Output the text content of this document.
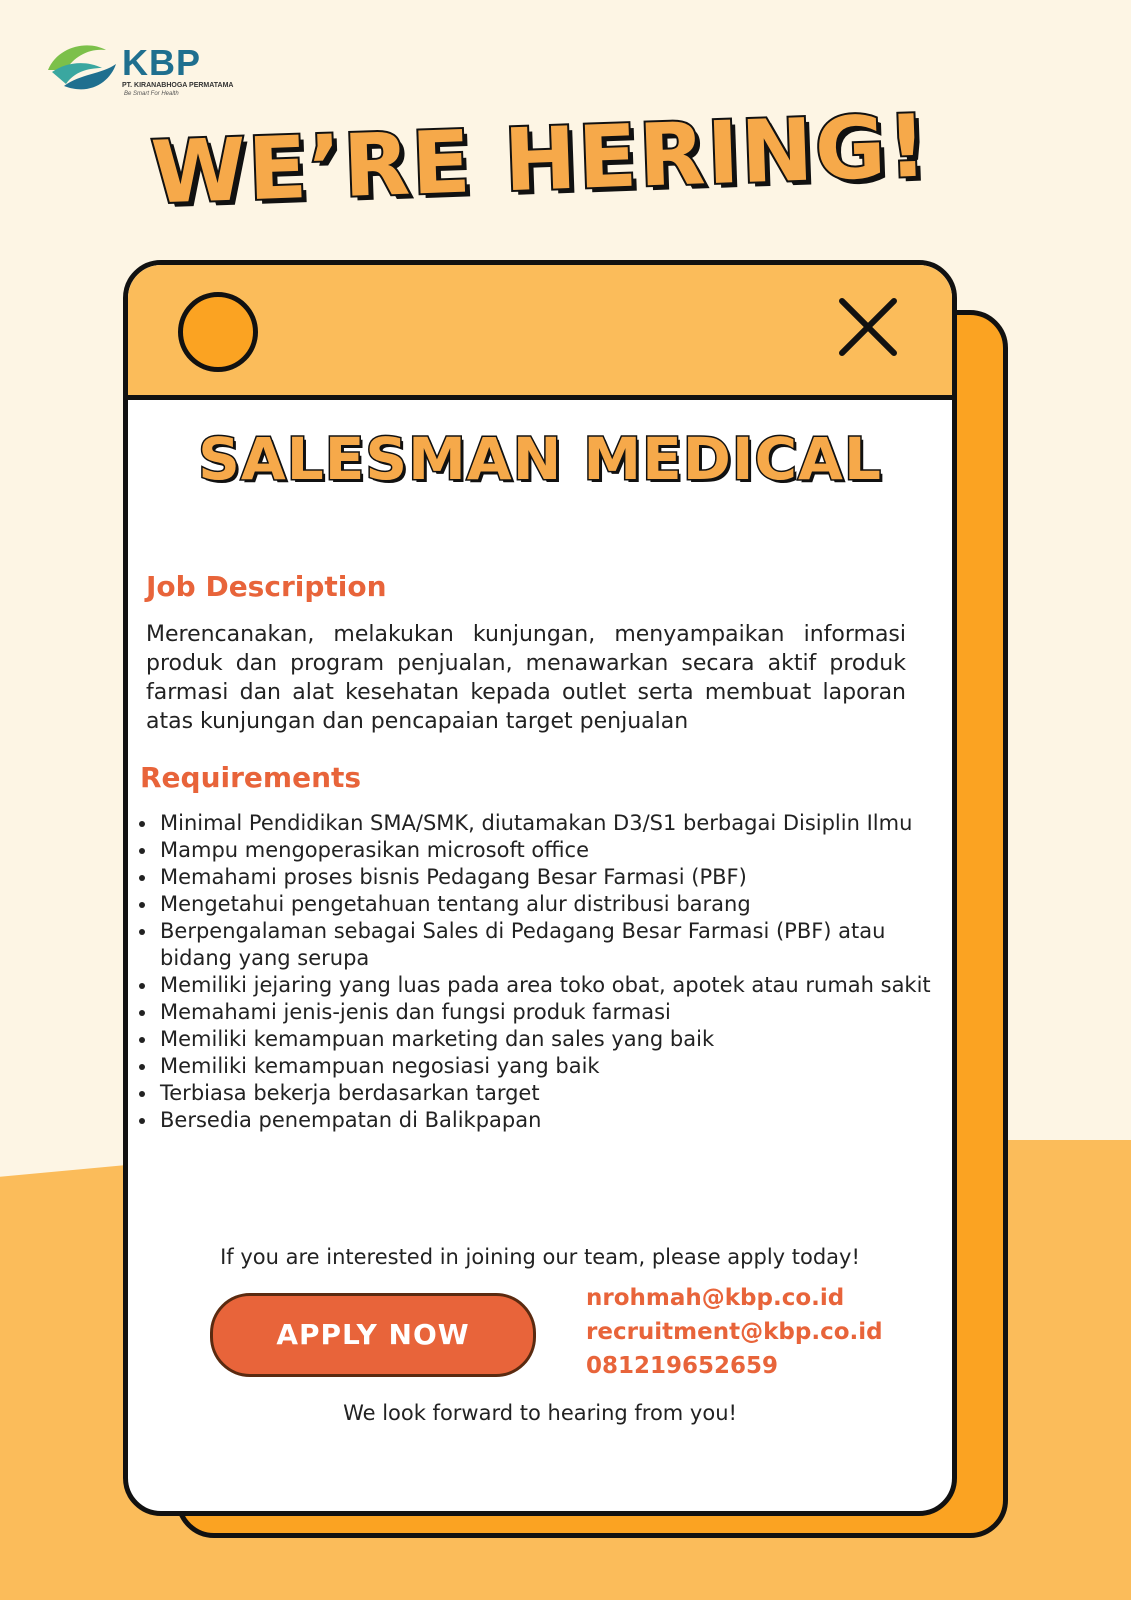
KBP
PT. KIRANABHOGA PERMATAMA
Be Smart For Health
WE’RE HERING!
SALESMAN MEDICAL
Job Description
Merencanakan, melakukan kunjungan, menyampaikan informasi produk dan program penjualan, menawarkan secara aktif produk farmasi dan alat kesehatan kepada outlet serta membuat laporan atas kunjungan dan pencapaian target penjualan
Requirements
• Minimal Pendidikan SMA/SMK, diutamakan D3/S1 berbagai Disiplin Ilmu
• Mampu mengoperasikan microsoft office
• Memahami proses bisnis Pedagang Besar Farmasi (PBF)
• Mengetahui pengetahuan tentang alur distribusi barang
• Berpengalaman sebagai Sales di Pedagang Besar Farmasi (PBF) atau bidang yang serupa
• Memiliki jejaring yang luas pada area toko obat, apotek atau rumah sakit
• Memahami jenis-jenis dan fungsi produk farmasi
• Memiliki kemampuan marketing dan sales yang baik
• Memiliki kemampuan negosiasi yang baik
• Terbiasa bekerja berdasarkan target
• Bersedia penempatan di Balikpapan
If you are interested in joining our team, please apply today!
APPLY NOW
nrohmah@kbp.co.id
recruitment@kbp.co.id
081219652659
We look forward to hearing from you!
